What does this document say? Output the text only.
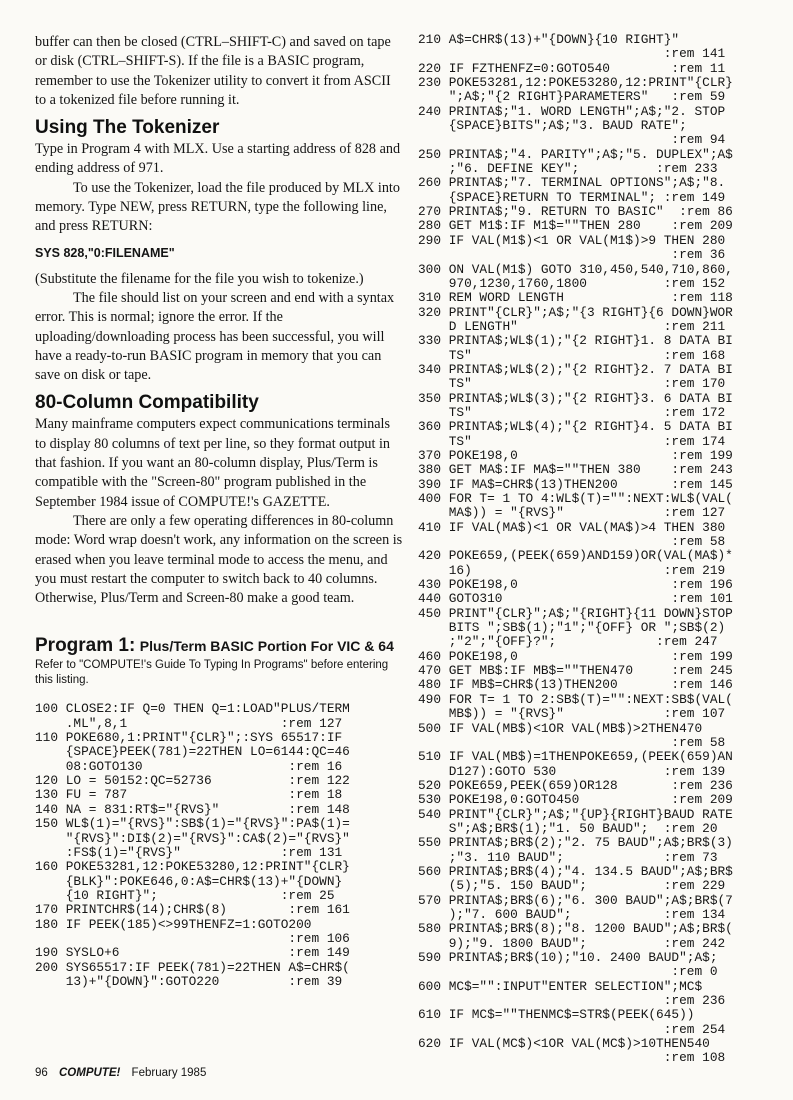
buffer can then be closed (CTRL–SHIFT-C) and saved on tape or disk (CTRL–SHIFT-S). If the file is a BASIC program, remember to use the Tokenizer utility to convert it from ASCII to a tokenized file before running it.

Using The Tokenizer

Type in Program 4 with MLX. Use a starting address of 828 and ending address of 971.

To use the Tokenizer, load the file produced by MLX into memory. Type NEW, press RETURN, type the following line, and press RETURN:

SYS 828,"0:FILENAME"

(Substitute the filename for the file you wish to tokenize.)

The file should list on your screen and end with a syntax error. This is normal; ignore the error. If the uploading/downloading process has been successful, you will have a ready-to-run BASIC program in memory that you can save on disk or tape.

80-Column Compatibility

Many mainframe computers expect communications terminals to display 80 columns of text per line, so they format output in that fashion. If you want an 80-column display, Plus/Term is compatible with the "Screen-80" program published in the September 1984 issue of COMPUTE!'s GAZETTE.

There are only a few operating differences in 80-column mode: Word wrap doesn't work, any information on the screen is erased when you leave terminal mode to access the menu, and you must restart the computer to switch back to 40 columns. Otherwise, Plus/Term and Screen-80 make a good team.

Program 1: Plus/Term BASIC Portion For VIC & 64
Refer to "COMPUTE!'s Guide To Typing In Programs" before entering this listing.
100 CLOSE2:IF Q=0 THEN Q=1:LOAD"PLUS/TERM
.ML",8,1                    :rem 127
110 POKE680,1:PRINT"{CLR}";:SYS 65517:IF
{SPACE}PEEK(781)=22THEN LO=6144:QC=46
08:GOTO130                   :rem 16
120 LO = 50152:QC=52736          :rem 122
130 FU = 787                     :rem 18
140 NA = 831:RT$="{RVS}"         :rem 148
150 WL$(1)="{RVS}":SB$(1)="{RVS}":PA$(1)=
"{RVS}":DI$(2)="{RVS}":CA$(2)="{RVS}"
:FS$(1)="{RVS}"             :rem 131
160 POKE53281,12:POKE53280,12:PRINT"{CLR}
{BLK}":POKE646,0:A$=CHR$(13)+"{DOWN}
{10 RIGHT}";                :rem 25
170 PRINTCHR$(14);CHR$(8)        :rem 161
180 IF PEEK(185)<>99THENFZ=1:GOTO200
:rem 106
190 SYSLO+6                      :rem 149
200 SYS65517:IF PEEK(781)=22THEN A$=CHR$(
13)+"{DOWN}":GOTO220         :rem 39
210 A$=CHR$(13)+"{DOWN}{10 RIGHT}"
:rem 141
220 IF FZTHENFZ=0:GOTO540        :rem 11
230 POKE53281,12:POKE53280,12:PRINT"{CLR}
";A$;"{2 RIGHT}PARAMETERS"   :rem 59
240 PRINTA$;"1. WORD LENGTH";A$;"2. STOP
{SPACE}BITS";A$;"3. BAUD RATE";
:rem 94
250 PRINTA$;"4. PARITY";A$;"5. DUPLEX";A$
;"6. DEFINE KEY";          :rem 233
260 PRINTA$;"7. TERMINAL OPTIONS";A$;"8.
{SPACE}RETURN TO TERMINAL"; :rem 149
270 PRINTA$;"9. RETURN TO BASIC"  :rem 86
280 GET M1$:IF M1$=""THEN 280    :rem 209
290 IF VAL(M1$)<1 OR VAL(M1$)>9 THEN 280
:rem 36
300 ON VAL(M1$) GOTO 310,450,540,710,860,
970,1230,1760,1800          :rem 152
310 REM WORD LENGTH              :rem 118
320 PRINT"{CLR}";A$;"{3 RIGHT}{6 DOWN}WOR
D LENGTH"                   :rem 211
330 PRINTA$;WL$(1);"{2 RIGHT}1. 8 DATA BI
TS"                         :rem 168
340 PRINTA$;WL$(2);"{2 RIGHT}2. 7 DATA BI
TS"                         :rem 170
350 PRINTA$;WL$(3);"{2 RIGHT}3. 6 DATA BI
TS"                         :rem 172
360 PRINTA$;WL$(4);"{2 RIGHT}4. 5 DATA BI
TS"                         :rem 174
370 POKE198,0                    :rem 199
380 GET MA$:IF MA$=""THEN 380    :rem 243
390 IF MA$=CHR$(13)THEN200       :rem 145
400 FOR T= 1 TO 4:WL$(T)="":NEXT:WL$(VAL(
MA$)) = "{RVS}"             :rem 127
410 IF VAL(MA$)<1 OR VAL(MA$)>4 THEN 380
:rem 58
420 POKE659,(PEEK(659)AND159)OR(VAL(MA$)*
16)                         :rem 219
430 POKE198,0                    :rem 196
440 GOTO310                      :rem 101
450 PRINT"{CLR}";A$;"{RIGHT}{11 DOWN}STOP
BITS ";SB$(1);"1";"{OFF} OR ";SB$(2)
;"2";"{OFF}?";             :rem 247
460 POKE198,0                    :rem 199
470 GET MB$:IF MB$=""THEN470     :rem 245
480 IF MB$=CHR$(13)THEN200       :rem 146
490 FOR T= 1 TO 2:SB$(T)="":NEXT:SB$(VAL(
MB$)) = "{RVS}"             :rem 107
500 IF VAL(MB$)<1OR VAL(MB$)>2THEN470
:rem 58
510 IF VAL(MB$)=1THENPOKE659,(PEEK(659)AN
D127):GOTO 530              :rem 139
520 POKE659,PEEK(659)OR128       :rem 236
530 POKE198,0:GOTO450            :rem 209
540 PRINT"{CLR}";A$;"{UP}{RIGHT}BAUD RATE
S";A$;BR$(1);"1. 50 BAUD";  :rem 20
550 PRINTA$;BR$(2);"2. 75 BAUD";A$;BR$(3)
;"3. 110 BAUD";             :rem 73
560 PRINTA$;BR$(4);"4. 134.5 BAUD";A$;BR$
(5);"5. 150 BAUD";          :rem 229
570 PRINTA$;BR$(6);"6. 300 BAUD";A$;BR$(7
);"7. 600 BAUD";            :rem 134
580 PRINTA$;BR$(8);"8. 1200 BAUD";A$;BR$(
9);"9. 1800 BAUD";          :rem 242
590 PRINTA$;BR$(10);"10. 2400 BAUD";A$;
:rem 0
600 MC$="":INPUT"ENTER SELECTION";MC$
:rem 236
610 IF MC$=""THENMC$=STR$(PEEK(645))
:rem 254
620 IF VAL(MC$)<1OR VAL(MC$)>10THEN540
:rem 108
96 COMPUTE! February 1985
